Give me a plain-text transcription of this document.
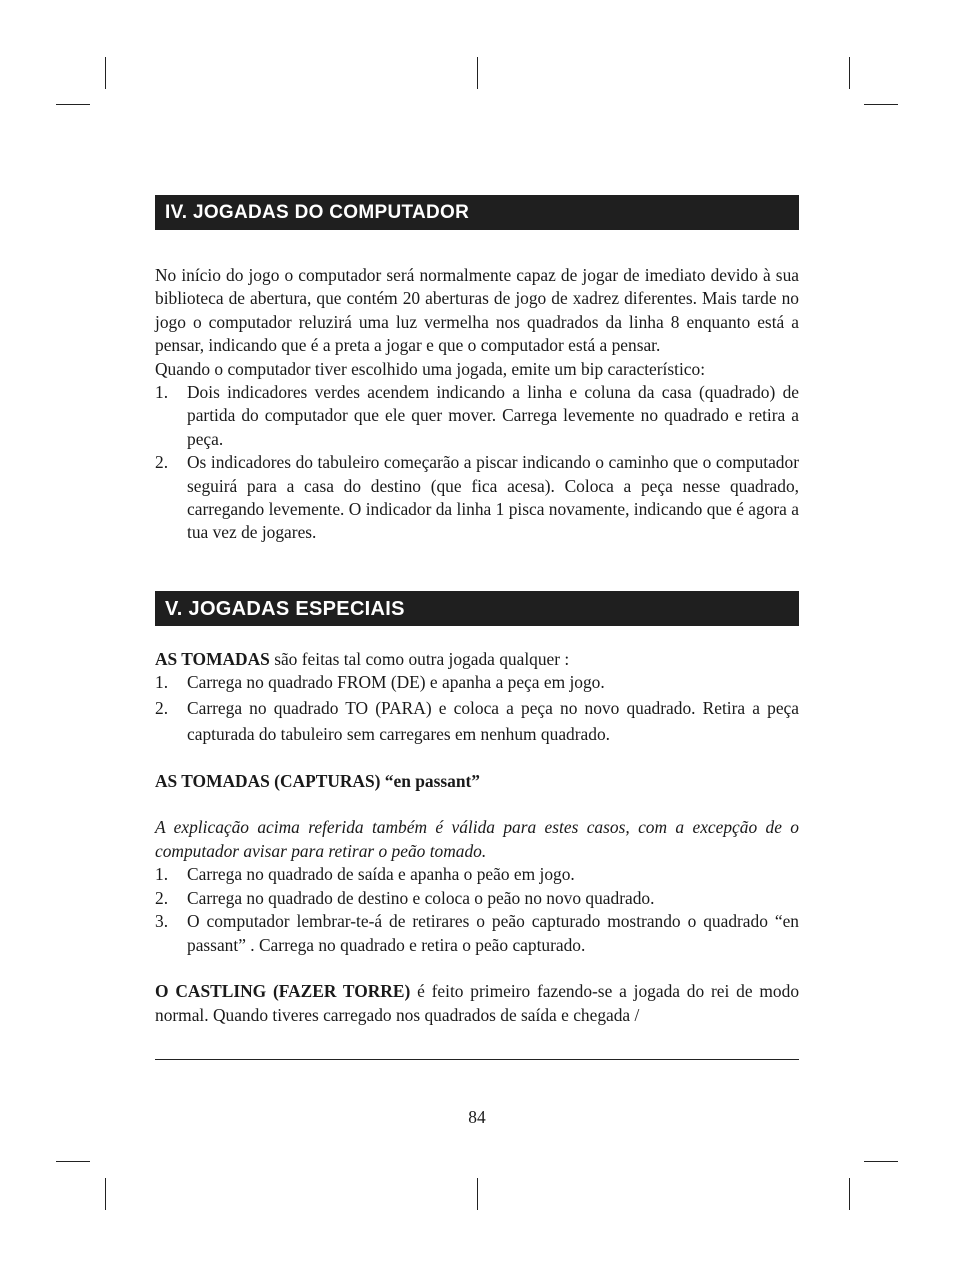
IV. JOGADAS DO COMPUTADOR

No início do jogo o computador será normalmente capaz de jogar de imediato devido à sua biblioteca de abertura, que contém 20 aberturas de jogo de xadrez diferentes. Mais tarde no jogo o computador reluzirá uma luz vermelha nos quadrados da linha 8 enquanto está a pensar, indicando que é a preta a jogar e que o computador está a pensar.

Quando o computador tiver escolhido uma jogada, emite um bip característico:

1. Dois indicadores verdes acendem indicando a linha e coluna da casa (quadrado) de partida do computador que ele quer mover. Carrega levemente no quadrado e retira a peça.
2. Os indicadores do tabuleiro começarão a piscar indicando o caminho que o computador seguirá para a casa do destino (que fica acesa). Coloca a peça nesse quadrado, carregando levemente. O indicador da linha 1 pisca novamente, indicando que é agora a tua vez de jogares.
V. JOGADAS ESPECIAIS

AS TOMADAS são feitas tal como outra jogada qualquer :

1. Carrega no quadrado FROM (DE) e apanha a peça em jogo.
2. Carrega no quadrado TO (PARA) e coloca a peça no novo quadrado. Retira a peça capturada do tabuleiro sem carregares em nenhum quadrado.

AS TOMADAS (CAPTURAS) “en passant”

A explicação acima referida também é válida para estes casos, com a excepção de o computador avisar para retirar o peão tomado.

1. Carrega no quadrado de saída e apanha o peão em jogo.
2. Carrega no quadrado de destino e coloca o peão no novo quadrado.
3. O computador lembrar-te-á de retirares o peão capturado mostrando o quadrado “en passant” . Carrega no quadrado e retira o peão capturado.

O CASTLING (FAZER TORRE) é feito primeiro fazendo-se a jogada do rei de modo normal. Quando tiveres carregado nos quadrados de saída e chegada /

84
